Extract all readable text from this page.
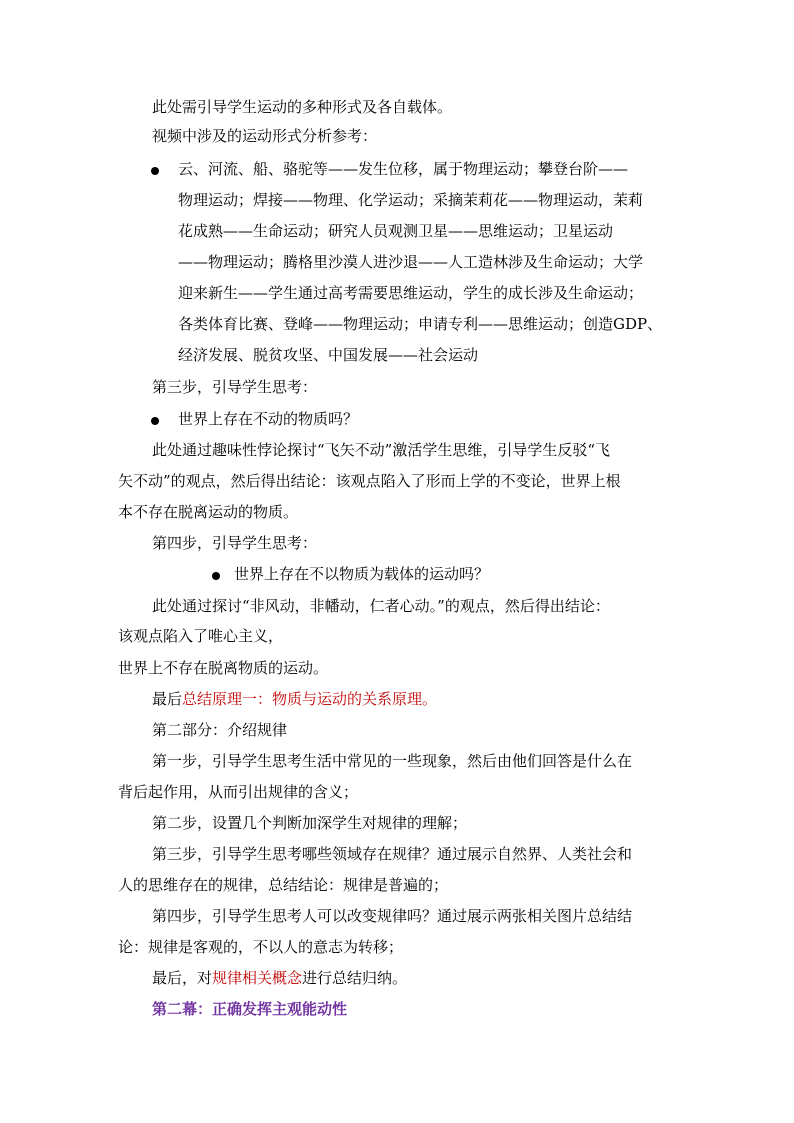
此处需引导学生运动的多种形式及各自载体。
视频中涉及的运动形式分析参考：
云、河流、船、骆驼等——发生位移，属于物理运动；攀登台阶——
物理运动；焊接——物理、化学运动；采摘茉莉花——物理运动，茉莉
花成熟——生命运动；研究人员观测卫星——思维运动；卫星运动
——物理运动；腾格里沙漠人进沙退——人工造林涉及生命运动；大学
迎来新生——学生通过高考需要思维运动，学生的成长涉及生命运动；
各类体育比赛、登峰——物理运动；申请专利——思维运动；创造GDP、
经济发展、脱贫攻坚、中国发展——社会运动
第三步，引导学生思考：
世界上存在不动的物质吗？
此处通过趣味性悖论探讨“飞矢不动”激活学生思维，引导学生反驳“飞
矢不动”的观点，然后得出结论：该观点陷入了形而上学的不变论，世界上根
本不存在脱离运动的物质。
第四步，引导学生思考：
世界上存在不以物质为载体的运动吗？
此处通过探讨“非风动，非幡动，仁者心动。”的观点，然后得出结论：
该观点陷入了唯心主义，
世界上不存在脱离物质的运动。
最后总结原理一：物质与运动的关系原理。
第二部分：介绍规律
第一步，引导学生思考生活中常见的一些现象，然后由他们回答是什么在
背后起作用，从而引出规律的含义；
第二步，设置几个判断加深学生对规律的理解；
第三步，引导学生思考哪些领域存在规律？通过展示自然界、人类社会和
人的思维存在的规律，总结结论：规律是普遍的；
第四步，引导学生思考人可以改变规律吗？通过展示两张相关图片总结结
论：规律是客观的，不以人的意志为转移；
最后，对规律相关概念进行总结归纳。
第二幕：正确发挥主观能动性
